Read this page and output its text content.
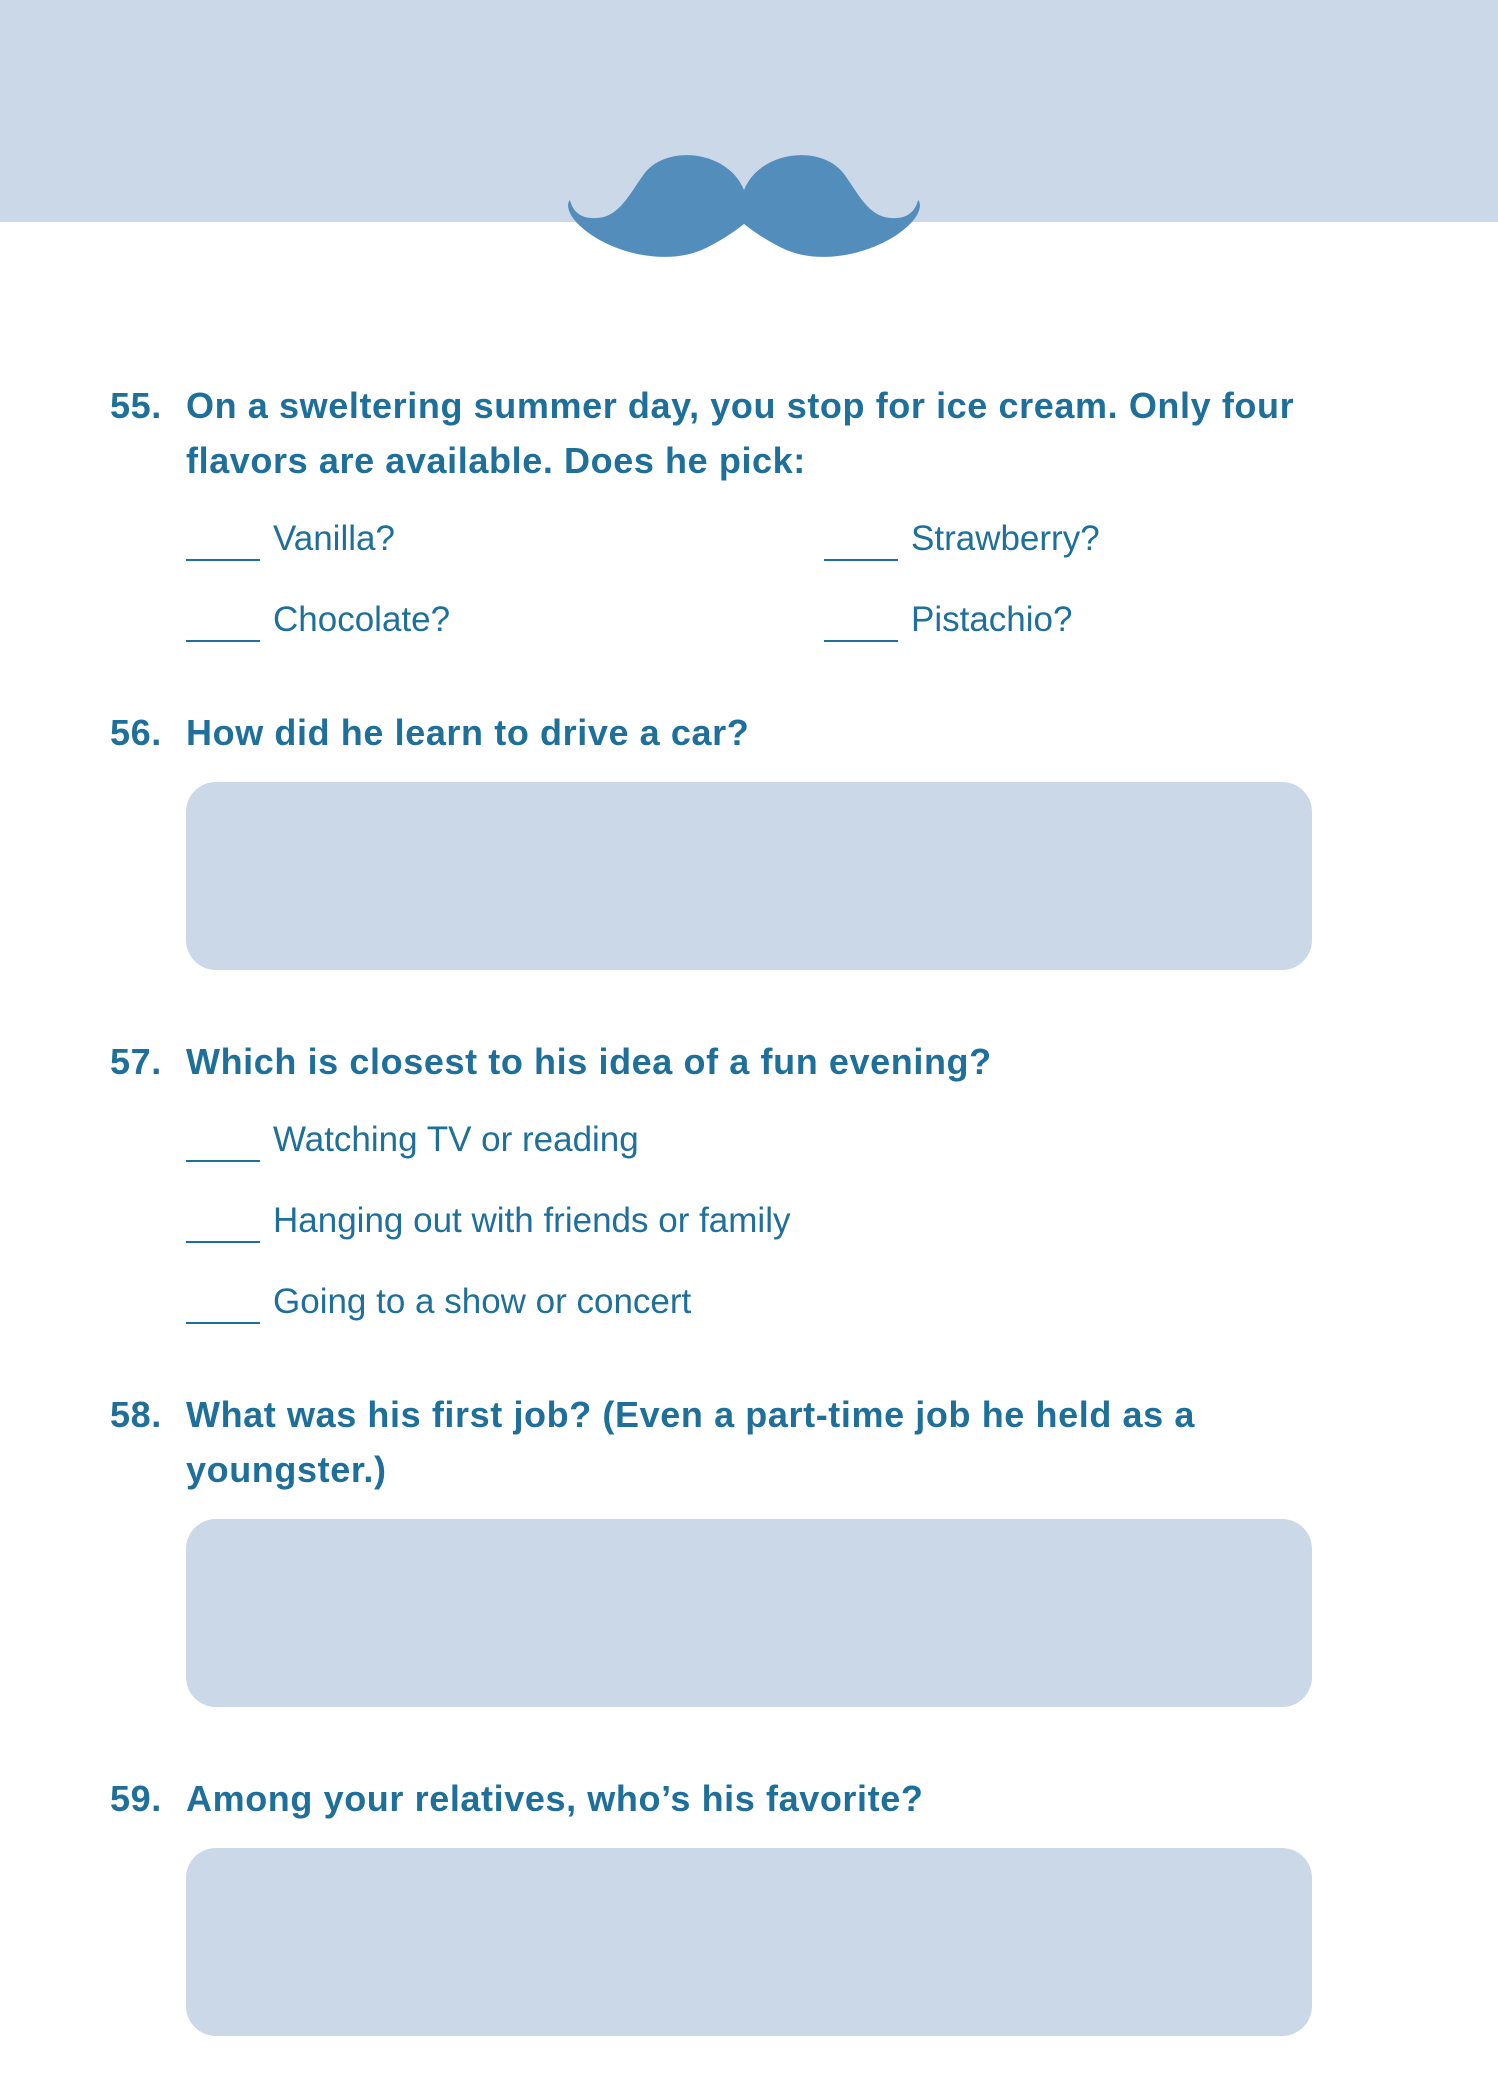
55. On a sweltering summer day, you stop for ice cream. Only four flavors are available. Does he pick:
Vanilla?	Strawberry?
Chocolate?	Pistachio?
56. How did he learn to drive a car?
57. Which is closest to his idea of a fun evening?
Watching TV or reading
Hanging out with friends or family
Going to a show or concert
58. What was his first job? (Even a part-time job he held as a youngster.)
59. Among your relatives, who’s his favorite?
